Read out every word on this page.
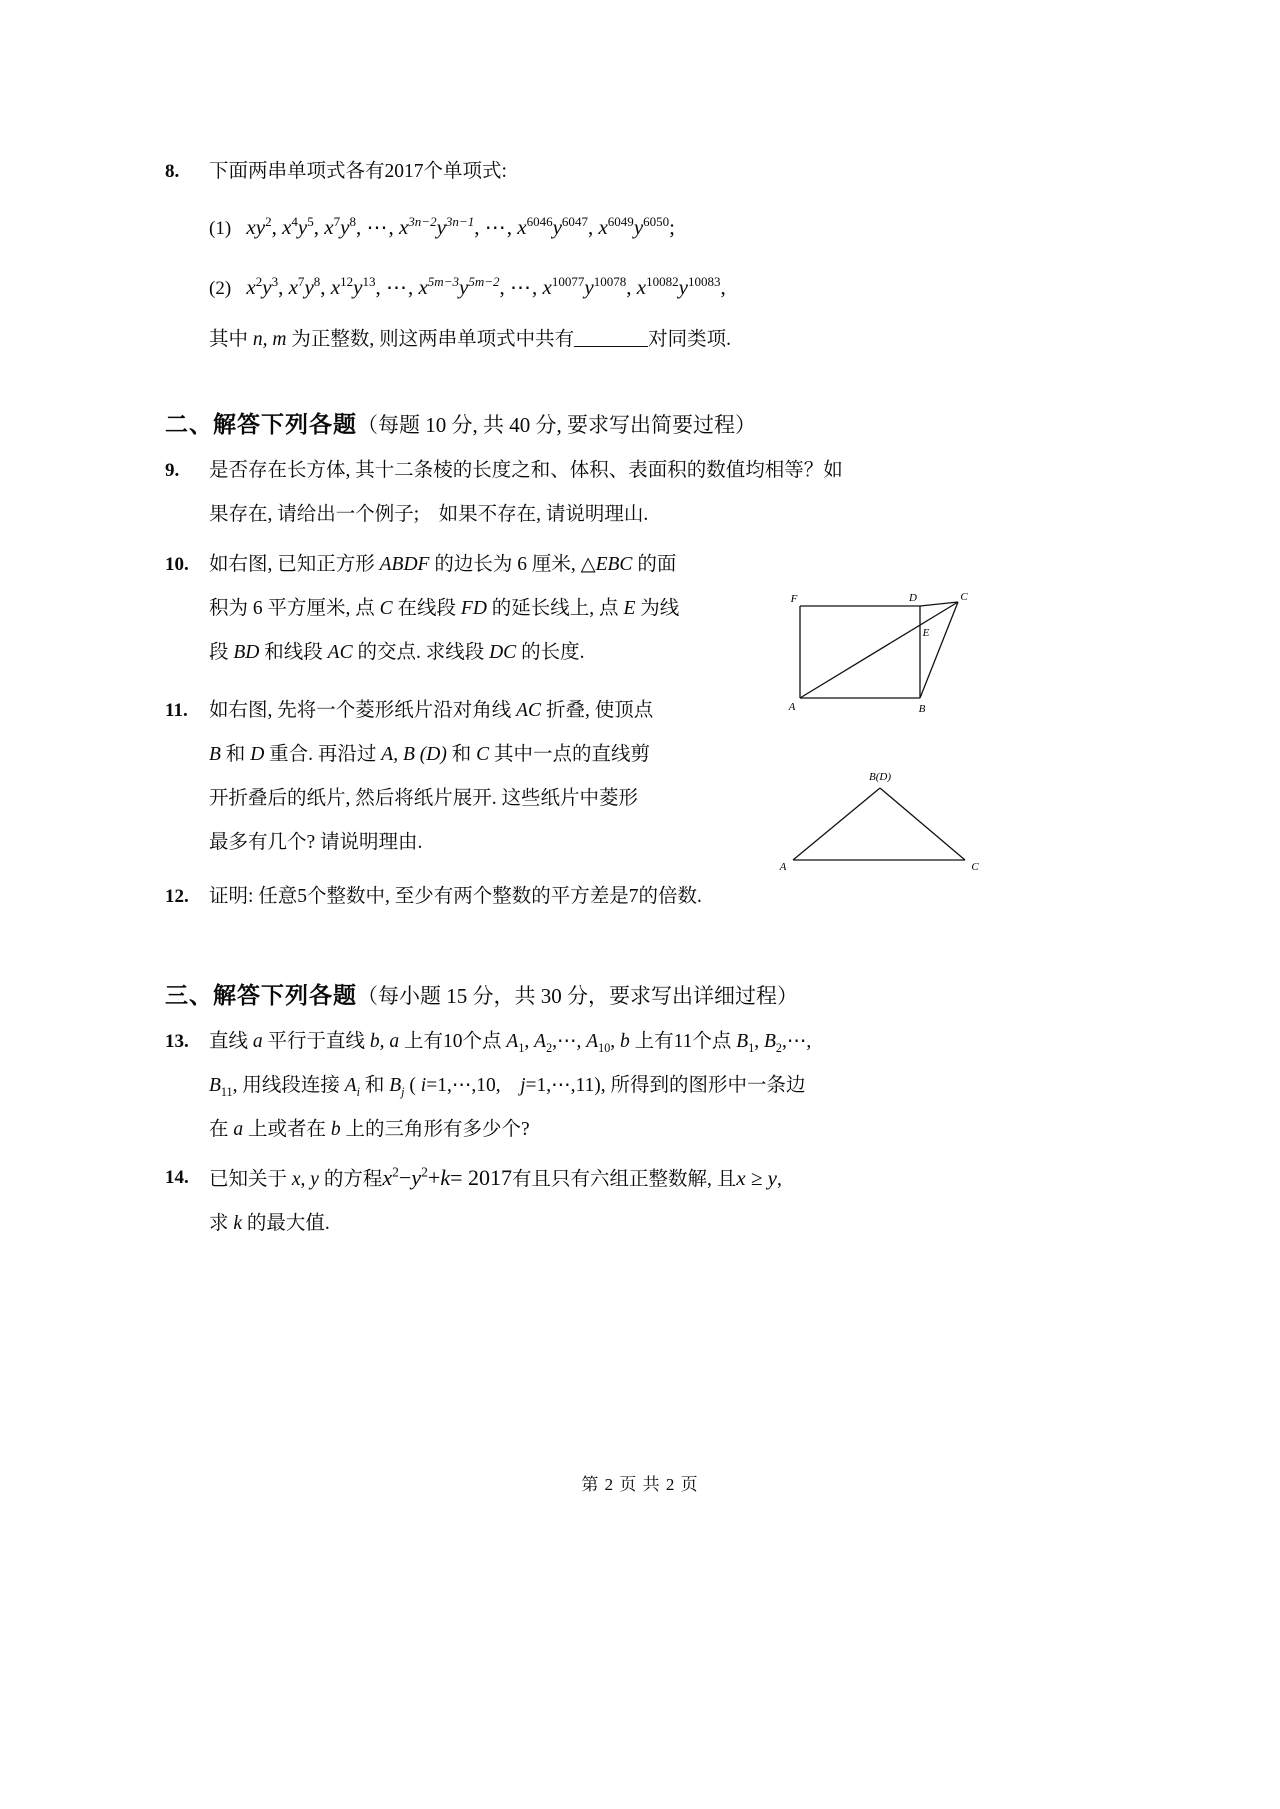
8.	下面两串单项式各有2017个单项式:
(1) $xy^2$, $x^4y^5$, $x^7y^8$, ⋯, $x^{3n-2}y^{3n-1}$, ⋯, $x^{6046}y^{6047}$, $x^{6049}y^{6050}$;
(2) $x^2y^3$, $x^7y^8$, $x^{12}y^{13}$, ⋯, $x^{5m-3}y^{5m-2}$, ⋯, $x^{10077}y^{10078}$, $x^{10082}y^{10083}$,
其中 n, m 为正整数, 则这两串单项式中共有	对同类项.
二、解答下列各题（每题 10 分, 共 40 分, 要求写出简要过程）
9.	是否存在长方体, 其十二条棱的长度之和、体积、表面积的数值均相等？如
果存在, 请给出一个例子;　如果不存在, 请说明理山.
10.	如右图, 已知正方形 ABDF 的边长为 6 厘米, △EBC 的面
积为 6 平方厘米, 点 C 在线段 FD 的延长线上, 点 E 为线
段 BD 和线段 AC 的交点. 求线段 DC 的长度.
11.	如右图, 先将一个菱形纸片沿对角线 AC 折叠, 使顶点
B 和 D 重合. 再沿过 A, B (D) 和 C 其中一点的直线剪
开折叠后的纸片, 然后将纸片展开. 这些纸片中菱形
最多有几个? 请说明理由.
12.	证明: 任意5个整数中, 至少有两个整数的平方差是7的倍数.
三、解答下列各题（每小题 15 分，共 30 分，要求写出详细过程）
13.	直线 a 平行于直线 b, a 上有10个点 $A_1$, $A_2,\cdots$, $A_{10}$, b 上有11个点 $B_1$, $B_2,\cdots$,
$B_{11}$, 用线段连接 $A_i$ 和 $B_j$ ( i=1,⋯,10,　j=1,⋯,11), 所得到的图形中一条边
在 a 上或者在 b 上的三角形有多少个?
14.	已知关于 x, y 的方程$x^2-y^2+k= 2017$有且只有六组正整数解, 且x ≥ y,
求 k 的最大值.
F	D	C
E
A	B
B(D)
A	C
第 2 页 共 2 页
